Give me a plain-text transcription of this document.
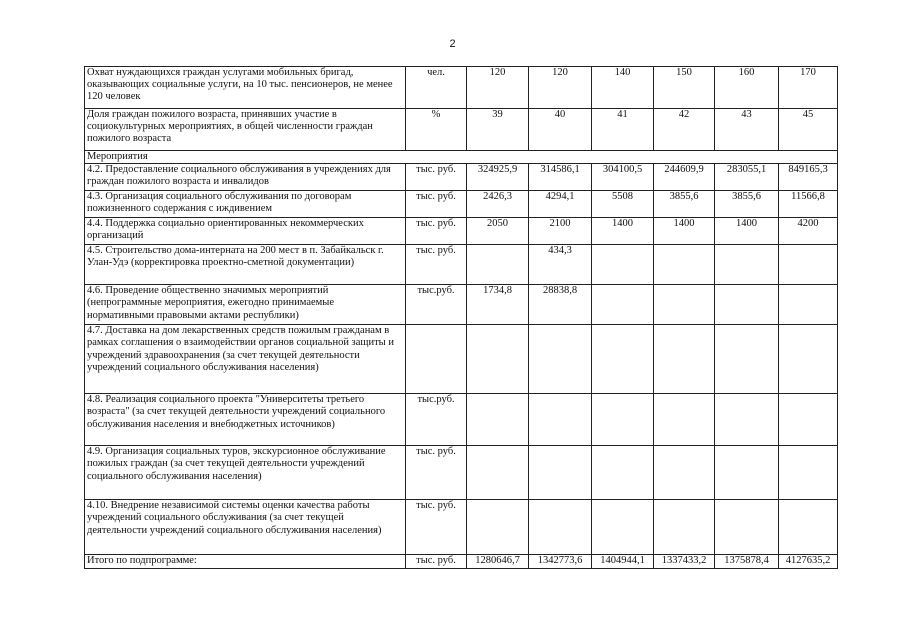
2
Охват нуждающихся граждан услугами мобильных бригад, оказывающих социальные услуги, на 10 тыс. пенсионеров, не менее 120 человек	чел.	120	120	140	150	160	170
Доля граждан пожилого возраста, принявших участие в социокультурных мероприятиях, в общей численности граждан пожилого возраста	%	39	40	41	42	43	45
Мероприятия							
4.2. Предоставление социального обслуживания в учреждениях для граждан пожилого возраста и инвалидов	тыс. руб.	324925,9	314586,1	304100,5	244609,9	283055,1	849165,3
4.3. Организация социального обслуживания по договорам пожизненного содержания с иждивением	тыс. руб.	2426,3	4294,1	5508	3855,6	3855,6	11566,8
4.4. Поддержка социально ориентированных некоммерческих организаций	тыс. руб.	2050	2100	1400	1400	1400	4200
4.5. Строительство дома-интерната на 200 мест в п. Забайкальск г. Улан-Удэ (корректировка проектно-сметной документации)	тыс. руб.		434,3				
4.6. Проведение общественно значимых мероприятий (непрограммные мероприятия, ежегодно принимаемые нормативными правовыми актами республики)	тыс.руб.	1734,8	28838,8				
4.7. Доставка на дом лекарственных средств пожилым гражданам в рамках соглашения о взаимодействии органов социальной защиты и учреждений здравоохранения (за счет текущей деятельности учреждений социального обслуживания населения)							
4.8. Реализация социального проекта "Университеты третьего возраста" (за счет текущей деятельности учреждений социального обслуживания населения и внебюджетных источников)	тыс.руб.						
4.9. Организация социальных туров, экскурсионное обслуживание пожилых граждан (за счет текущей деятельности учреждений социального обслуживания населения)	тыс. руб.						
4.10. Внедрение независимой системы оценки качества работы учреждений социального обслуживания (за счет текущей деятельности учреждений социального обслуживания населения)	тыс. руб.						
Итого по подпрограмме:	тыс. руб.	1280646,7	1342773,6	1404944,1	1337433,2	1375878,4	4127635,2
